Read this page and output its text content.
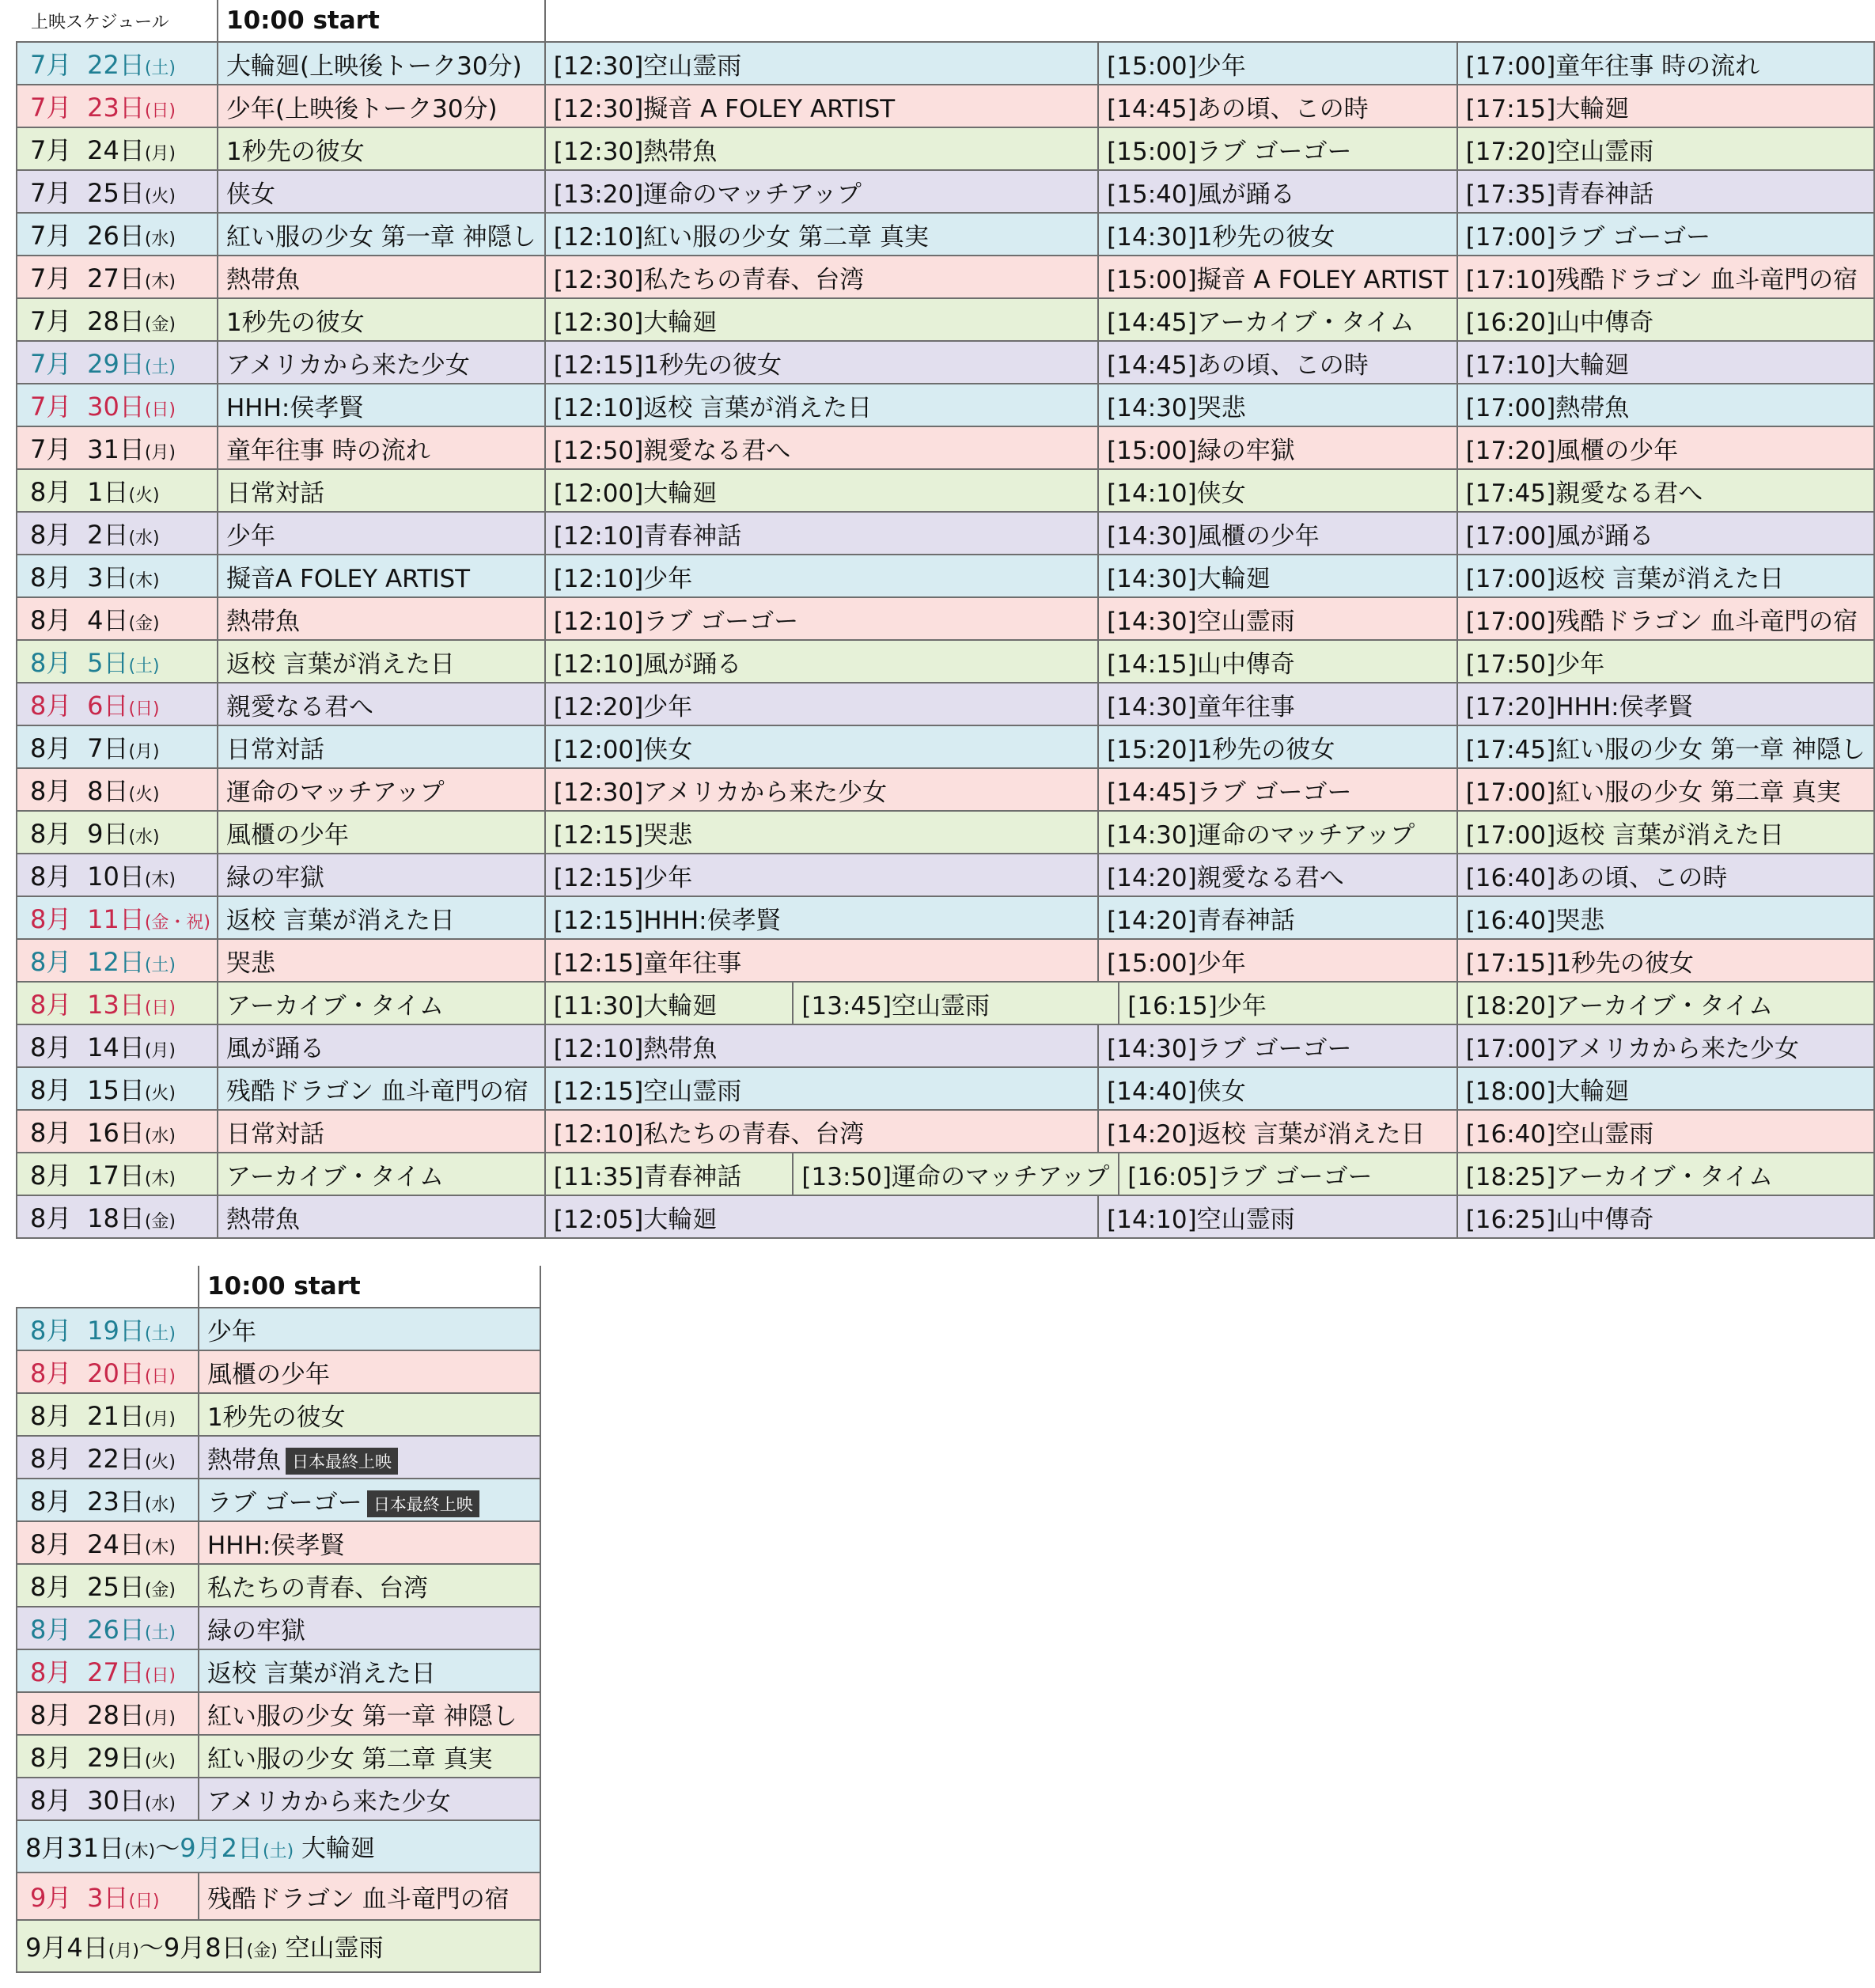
上映スケジュール	10:00 start					
7月 22日(土)	大輪廻(上映後トーク30分)	[12:30]空山霊雨		[15:00]少年		[17:00]童年往事 時の流れ
7月 23日(日)	少年(上映後トーク30分)	[12:30]擬音 A FOLEY ARTIST		[14:45]あの頃、この時		[17:15]大輪廻
7月 24日(月)	1秒先の彼女	[12:30]熱帯魚		[15:00]ラブ ゴーゴー		[17:20]空山霊雨
7月 25日(火)	侠女	[13:20]運命のマッチアップ		[15:40]風が踊る		[17:35]青春神話
7月 26日(水)	紅い服の少女 第一章 神隠し	[12:10]紅い服の少女 第二章 真実		[14:30]1秒先の彼女		[17:00]ラブ ゴーゴー
7月 27日(木)	熱帯魚	[12:30]私たちの青春、台湾		[15:00]擬音 A FOLEY ARTIST		[17:10]残酷ドラゴン 血斗竜門の宿
7月 28日(金)	1秒先の彼女	[12:30]大輪廻		[14:45]アーカイブ・タイム		[16:20]山中傳奇
7月 29日(土)	アメリカから来た少女	[12:15]1秒先の彼女		[14:45]あの頃、この時		[17:10]大輪廻
7月 30日(日)	HHH:侯孝賢	[12:10]返校 言葉が消えた日		[14:30]哭悲		[17:00]熱帯魚
7月 31日(月)	童年往事 時の流れ	[12:50]親愛なる君へ		[15:00]緑の牢獄		[17:20]風櫃の少年
8月 1日(火)	日常対話	[12:00]大輪廻		[14:10]侠女		[17:45]親愛なる君へ
8月 2日(水)	少年	[12:10]青春神話		[14:30]風櫃の少年		[17:00]風が踊る
8月 3日(木)	擬音A FOLEY ARTIST	[12:10]少年		[14:30]大輪廻		[17:00]返校 言葉が消えた日
8月 4日(金)	熱帯魚	[12:10]ラブ ゴーゴー		[14:30]空山霊雨		[17:00]残酷ドラゴン 血斗竜門の宿
8月 5日(土)	返校 言葉が消えた日	[12:10]風が踊る		[14:15]山中傳奇		[17:50]少年
8月 6日(日)	親愛なる君へ	[12:20]少年		[14:30]童年往事		[17:20]HHH:侯孝賢
8月 7日(月)	日常対話	[12:00]侠女		[15:20]1秒先の彼女		[17:45]紅い服の少女 第一章 神隠し
8月 8日(火)	運命のマッチアップ	[12:30]アメリカから来た少女		[14:45]ラブ ゴーゴー		[17:00]紅い服の少女 第二章 真実
8月 9日(水)	風櫃の少年	[12:15]哭悲		[14:30]運命のマッチアップ		[17:00]返校 言葉が消えた日
8月 10日(木)	緑の牢獄	[12:15]少年		[14:20]親愛なる君へ		[16:40]あの頃、この時
8月 11日(金・祝)	返校 言葉が消えた日	[12:15]HHH:侯孝賢		[14:20]青春神話		[16:40]哭悲
8月 12日(土)	哭悲	[12:15]童年往事		[15:00]少年		[17:15]1秒先の彼女
8月 13日(日)	アーカイブ・タイム	[11:30]大輪廻	[13:45]空山霊雨		[16:15]少年	[18:20]アーカイブ・タイム
8月 14日(月)	風が踊る	[12:10]熱帯魚		[14:30]ラブ ゴーゴー		[17:00]アメリカから来た少女
8月 15日(火)	残酷ドラゴン 血斗竜門の宿	[12:15]空山霊雨		[14:40]侠女		[18:00]大輪廻
8月 16日(水)	日常対話	[12:10]私たちの青春、台湾		[14:20]返校 言葉が消えた日		[16:40]空山霊雨
8月 17日(木)	アーカイブ・タイム	[11:35]青春神話	[13:50]運命のマッチアップ		[16:05]ラブ ゴーゴー	[18:25]アーカイブ・タイム
8月 18日(金)	熱帯魚	[12:05]大輪廻		[14:10]空山霊雨		[16:25]山中傳奇
	10:00 start
8月 19日(土)	少年
8月 20日(日)	風櫃の少年
8月 21日(月)	1秒先の彼女
8月 22日(火)	熱帯魚 日本最終上映
8月 23日(水)	ラブ ゴーゴー 日本最終上映
8月 24日(木)	HHH:侯孝賢
8月 25日(金)	私たちの青春、台湾
8月 26日(土)	緑の牢獄
8月 27日(日)	返校 言葉が消えた日
8月 28日(月)	紅い服の少女 第一章 神隠し
8月 29日(火)	紅い服の少女 第二章 真実
8月 30日(水)	アメリカから来た少女
8月31日(木)〜9月2日(土) 大輪廻	
9月 3日(日)	残酷ドラゴン 血斗竜門の宿
9月4日(月)〜9月8日(金) 空山霊雨	
